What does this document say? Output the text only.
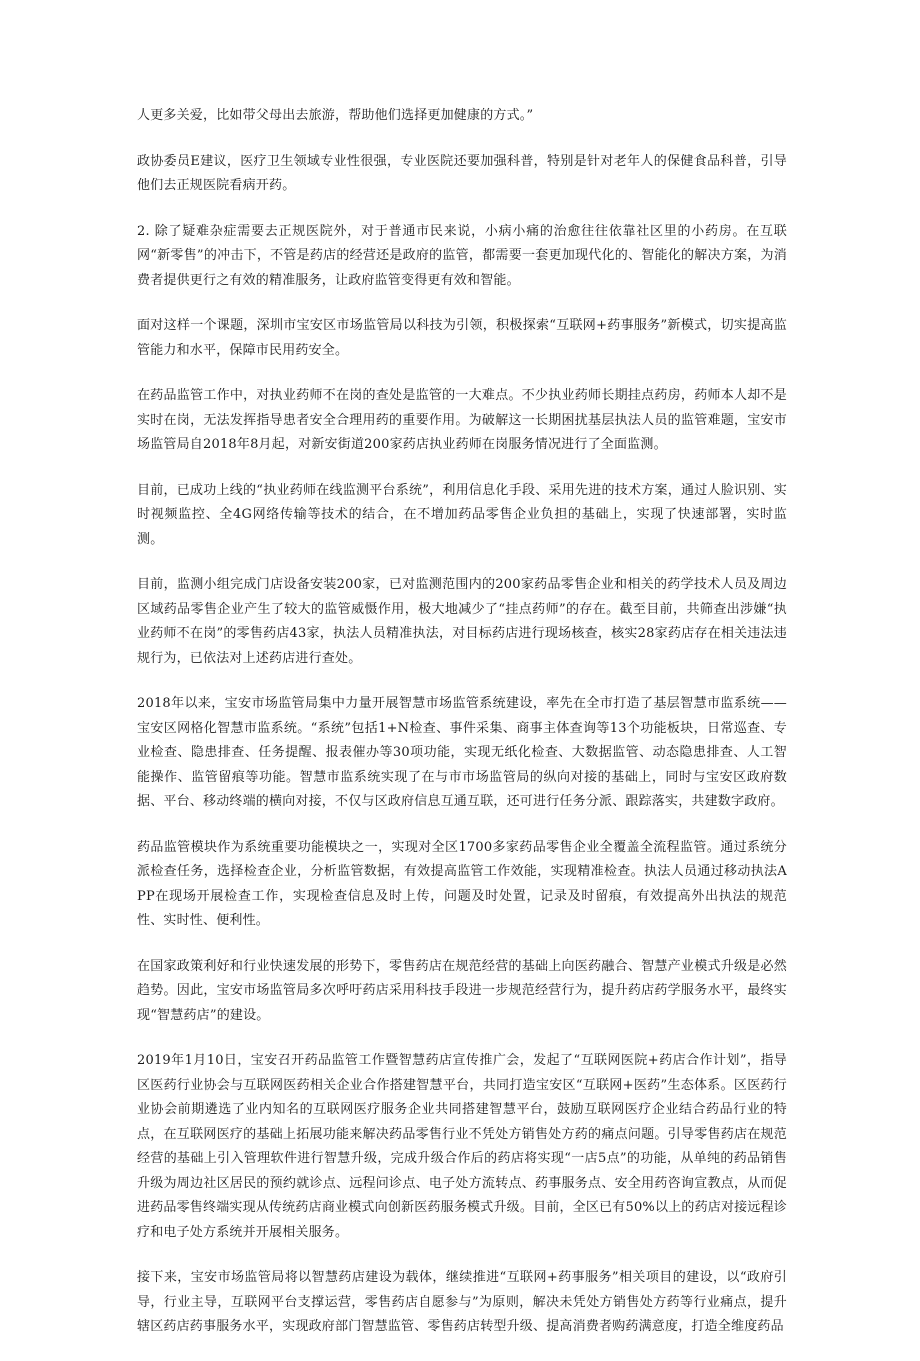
人更多关爱，比如带父母出去旅游，帮助他们选择更加健康的方式。”

政协委员E建议，医疗卫生领域专业性很强，专业医院还要加强科普，特别是针对老年人的保健食品科普，引导他们去正规医院看病开药。

2. 除了疑难杂症需要去正规医院外，对于普通市民来说，小病小痛的治愈往往依靠社区里的小药房。在互联网“新零售”的冲击下，不管是药店的经营还是政府的监管，都需要一套更加现代化的、智能化的解决方案，为消费者提供更行之有效的精准服务，让政府监管变得更有效和智能。

面对这样一个课题，深圳市宝安区市场监管局以科技为引领，积极探索“互联网+药事服务”新模式，切实提高监管能力和水平，保障市民用药安全。

在药品监管工作中，对执业药师不在岗的查处是监管的一大难点。不少执业药师长期挂点药房，药师本人却不是实时在岗，无法发挥指导患者安全合理用药的重要作用。为破解这一长期困扰基层执法人员的监管难题，宝安市场监管局自2018年8月起，对新安街道200家药店执业药师在岗服务情况进行了全面监测。

目前，已成功上线的“执业药师在线监测平台系统”，利用信息化手段、采用先进的技术方案，通过人脸识别、实时视频监控、全4G网络传输等技术的结合，在不增加药品零售企业负担的基础上，实现了快速部署，实时监测。

目前，监测小组完成门店设备安装200家，已对监测范围内的200家药品零售企业和相关的药学技术人员及周边区域药品零售企业产生了较大的监管威慑作用，极大地减少了“挂点药师”的存在。截至目前，共筛查出涉嫌“执业药师不在岗”的零售药店43家，执法人员精准执法，对目标药店进行现场核查，核实28家药店存在相关违法违规行为，已依法对上述药店进行查处。

2018年以来，宝安市场监管局集中力量开展智慧市场监管系统建设，率先在全市打造了基层智慧市监系统——宝安区网格化智慧市监系统。“系统”包括1+N检查、事件采集、商事主体查询等13个功能板块，日常巡查、专业检查、隐患排查、任务提醒、报表催办等30项功能，实现无纸化检查、大数据监管、动态隐患排查、人工智能操作、监管留痕等功能。智慧市监系统实现了在与市市场监管局的纵向对接的基础上，同时与宝安区政府数据、平台、移动终端的横向对接，不仅与区政府信息互通互联，还可进行任务分派、跟踪落实，共建数字政府。

药品监管模块作为系统重要功能模块之一，实现对全区1700多家药品零售企业全覆盖全流程监管。通过系统分派检查任务，选择检查企业，分析监管数据，有效提高监管工作效能，实现精准检查。执法人员通过移动执法APP在现场开展检查工作，实现检查信息及时上传，问题及时处置，记录及时留痕，有效提高外出执法的规范性、实时性、便利性。

在国家政策利好和行业快速发展的形势下，零售药店在规范经营的基础上向医药融合、智慧产业模式升级是必然趋势。因此，宝安市场监管局多次呼吁药店采用科技手段进一步规范经营行为，提升药店药学服务水平，最终实现“智慧药店”的建设。

2019年1月10日，宝安召开药品监管工作暨智慧药店宣传推广会，发起了“互联网医院+药店合作计划”，指导区医药行业协会与互联网医药相关企业合作搭建智慧平台，共同打造宝安区“互联网+医药”生态体系。区医药行业协会前期遴选了业内知名的互联网医疗服务企业共同搭建智慧平台，鼓励互联网医疗企业结合药品行业的特点，在互联网医疗的基础上拓展功能来解决药品零售行业不凭处方销售处方药的痛点问题。引导零售药店在规范经营的基础上引入管理软件进行智慧升级，完成升级合作后的药店将实现“一店5点”的功能，从单纯的药品销售升级为周边社区居民的预约就诊点、远程问诊点、电子处方流转点、药事服务点、安全用药咨询宣教点，从而促进药品零售终端实现从传统药店商业模式向创新医药服务模式升级。目前，全区已有50%以上的药店对接远程诊疗和电子处方系统并开展相关服务。

接下来，宝安市场监管局将以智慧药店建设为载体，继续推进“互联网+药事服务”相关项目的建设，以“政府引导，行业主导，互联网平台支撑运营，零售药店自愿参与”为原则，解决未凭处方销售处方药等行业痛点，提升辖区药店药事服务水平，实现政府部门智慧监管、零售药店转型升级、提高消费者购药满意度，打造全维度药品
